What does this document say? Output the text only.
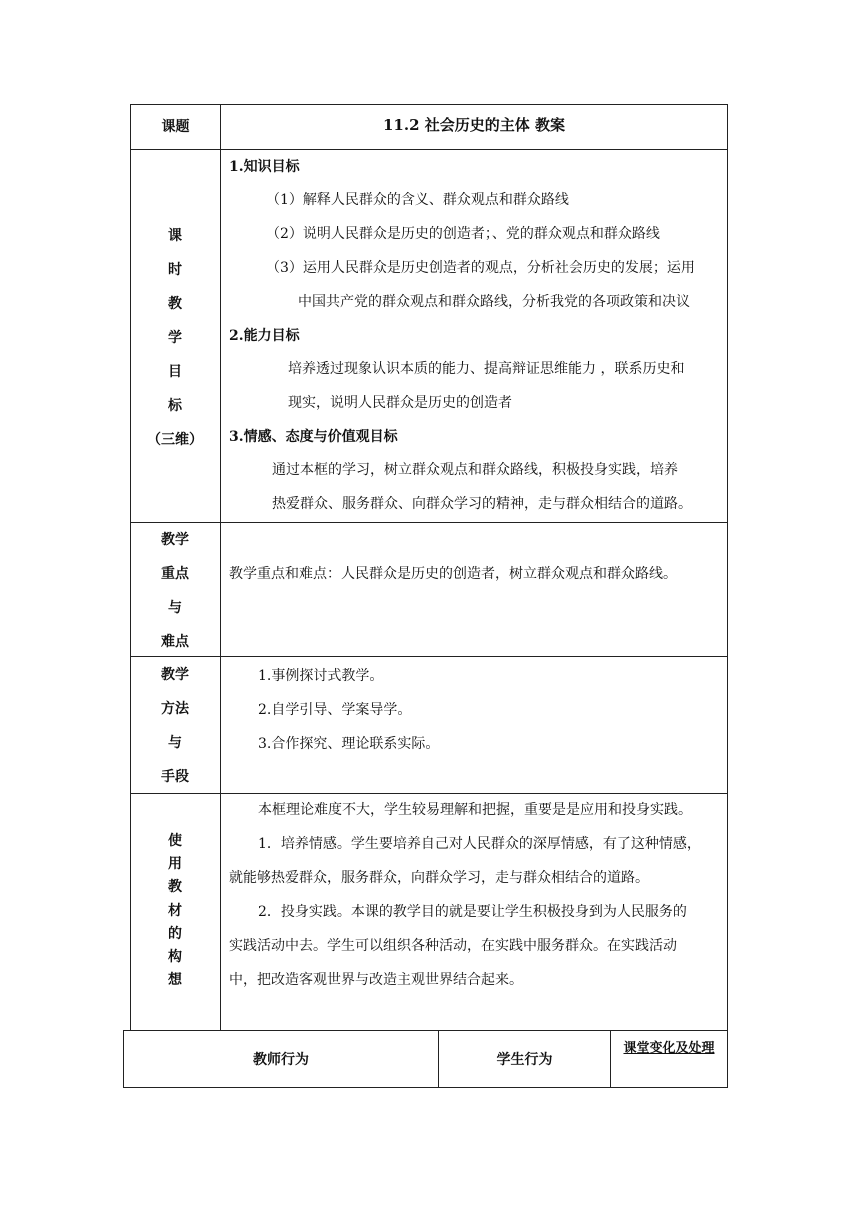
课题	11.2 社会历史的主体 教案
课
时
教
学
目
标
（三维）
1.知识目标
（1）解释人民群众的含义、群众观点和群众路线
（2）说明人民群众是历史的创造者；、党的群众观点和群众路线
（3）运用人民群众是历史创造者的观点，分析社会历史的发展；运用
中国共产党的群众观点和群众路线，分析我党的各项政策和决议
2.能力目标
培养透过现象认识本质的能力、提高辩证思维能力 ，联系历史和
现实，说明人民群众是历史的创造者
3.情感、态度与价值观目标
通过本框的学习，树立群众观点和群众路线，积极投身实践，培养
热爱群众、服务群众、向群众学习的精神，走与群众相结合的道路。
教学
重点
与
难点
教学重点和难点：人民群众是历史的创造者，树立群众观点和群众路线。
教学
方法
与
手段
1.事例探讨式教学。
2.自学引导、学案导学。
3.合作探究、理论联系实际。
使
用
教
材
的
构
想
本框理论难度不大，学生较易理解和把握，重要是是应用和投身实践。
1．培养情感。学生要培养自己对人民群众的深厚情感，有了这种情感，
就能够热爱群众，服务群众，向群众学习，走与群众相结合的道路。
2．投身实践。本课的教学目的就是要让学生积极投身到为人民服务的
实践活动中去。学生可以组织各种活动，在实践中服务群众。在实践活动
中，把改造客观世界与改造主观世界结合起来。
教师行为	学生行为
课堂变化及处理
